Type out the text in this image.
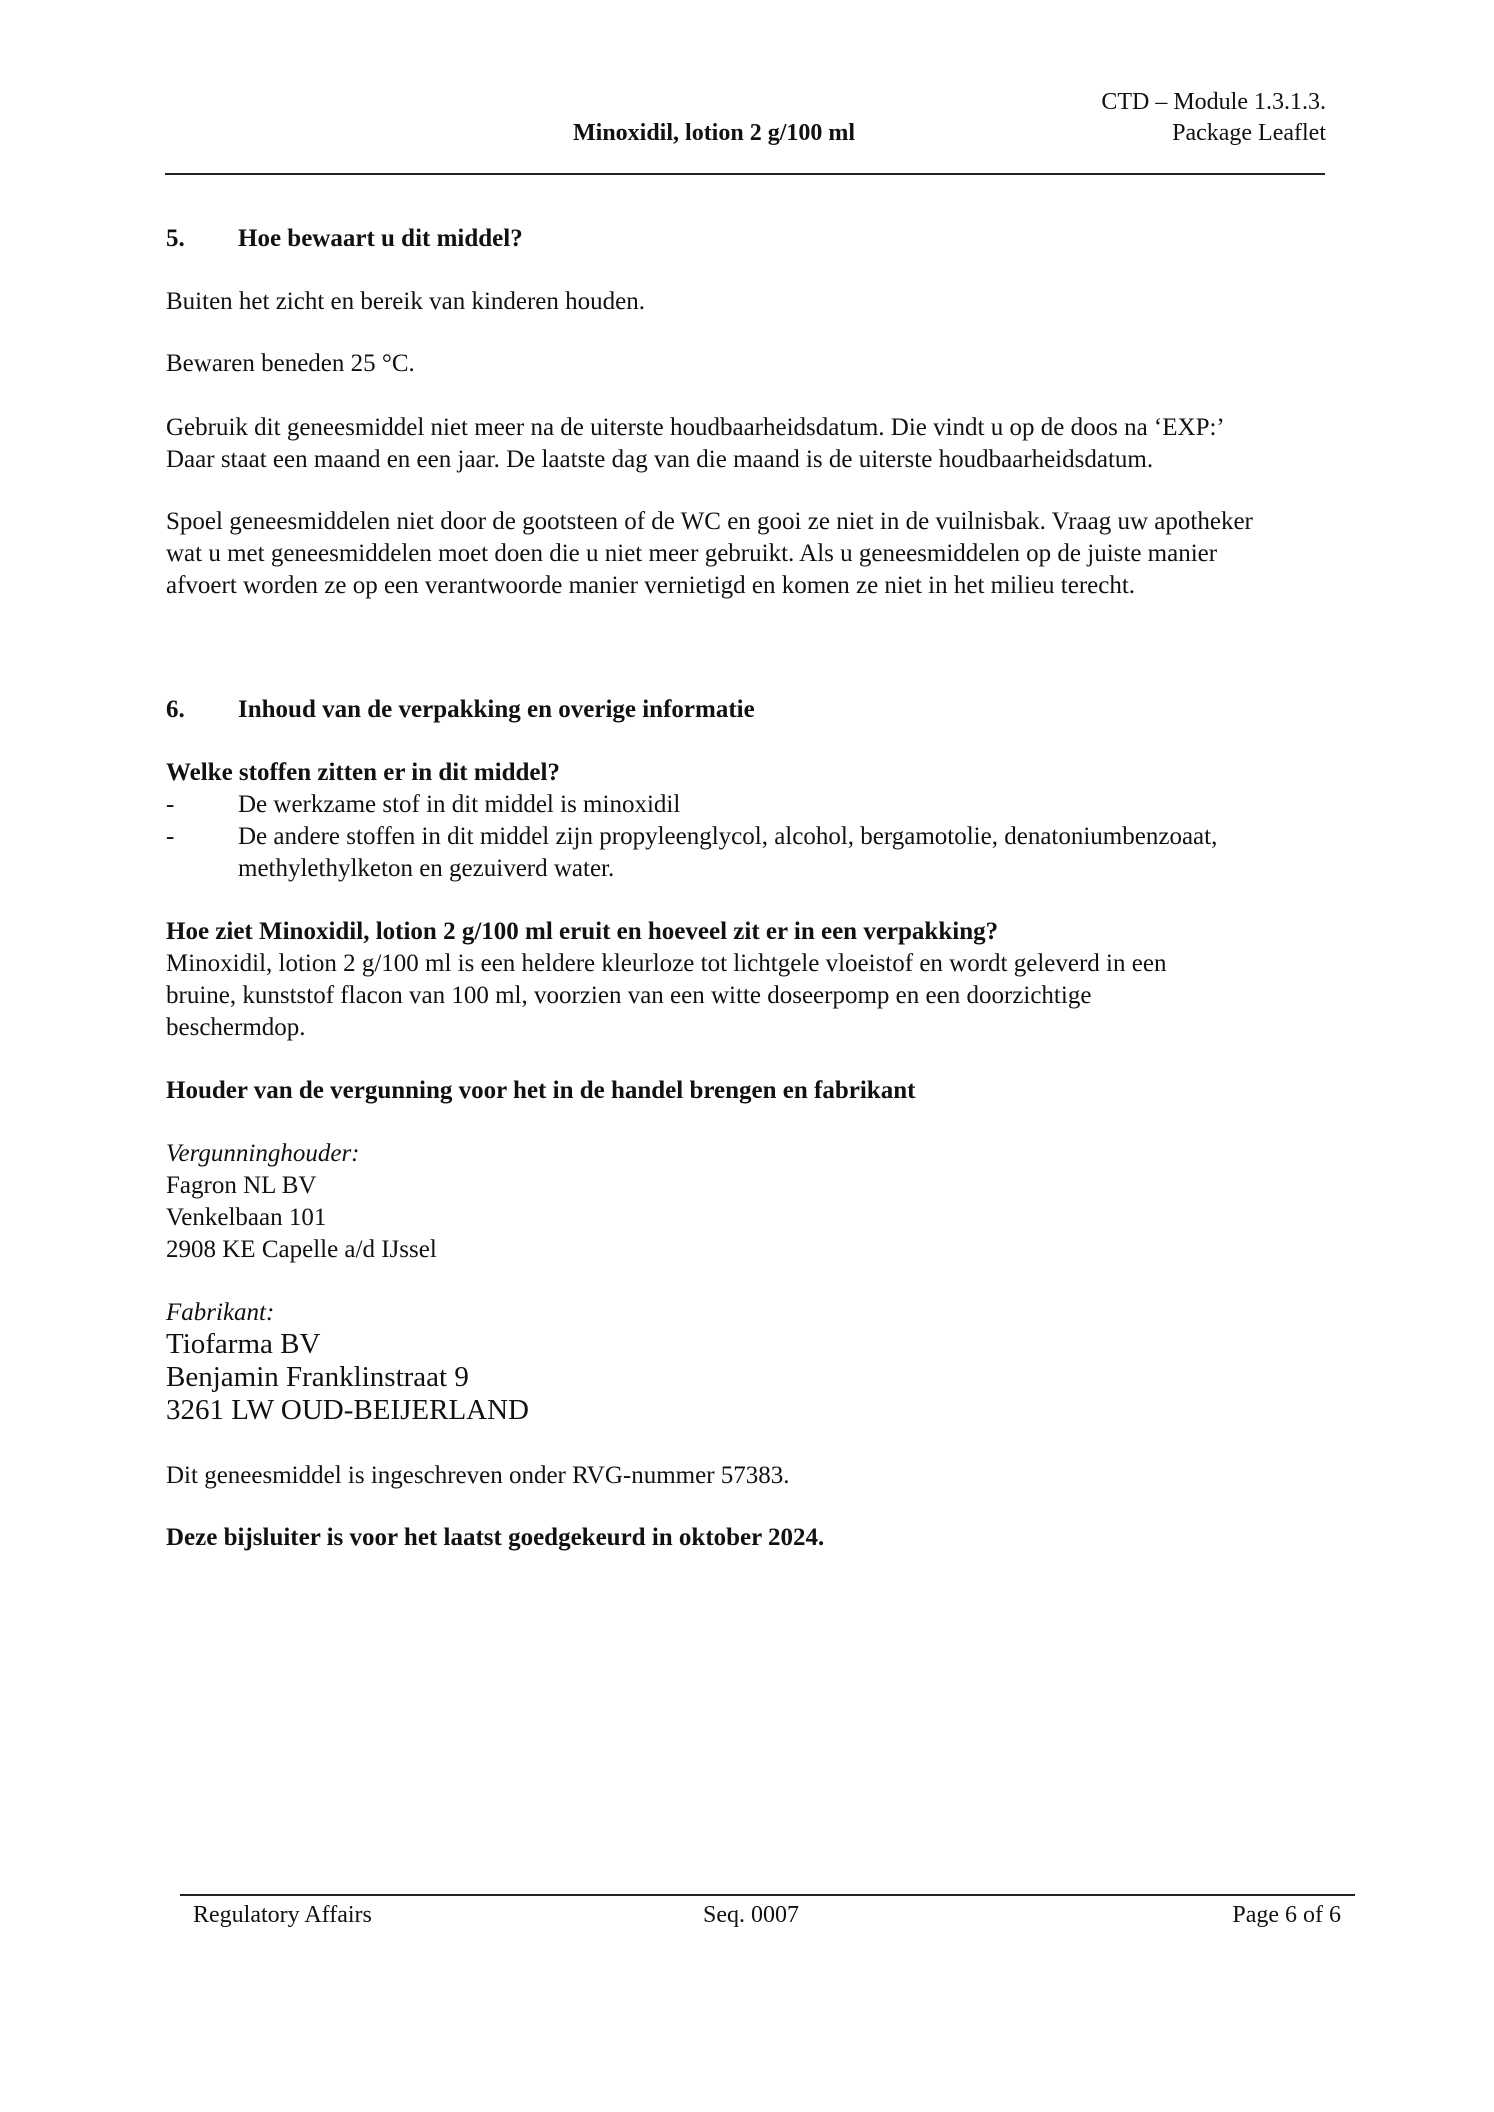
CTD – Module 1.3.1.3.
Minoxidil, lotion 2 g/100 ml	Package Leaflet
5. Hoe bewaart u dit middel?
Buiten het zicht en bereik van kinderen houden.
Bewaren beneden 25 °C.
Gebruik dit geneesmiddel niet meer na de uiterste houdbaarheidsdatum. Die vindt u op de doos na ‘EXP:’
Daar staat een maand en een jaar. De laatste dag van die maand is de uiterste houdbaarheidsdatum.
Spoel geneesmiddelen niet door de gootsteen of de WC en gooi ze niet in de vuilnisbak. Vraag uw apotheker
wat u met geneesmiddelen moet doen die u niet meer gebruikt. Als u geneesmiddelen op de juiste manier
afvoert worden ze op een verantwoorde manier vernietigd en komen ze niet in het milieu terecht.
6. Inhoud van de verpakking en overige informatie
Welke stoffen zitten er in dit middel?
-	De werkzame stof in dit middel is minoxidil
-	De andere stoffen in dit middel zijn propyleenglycol, alcohol, bergamotolie, denatoniumbenzoaat,
methylethylketon en gezuiverd water.
Hoe ziet Minoxidil, lotion 2 g/100 ml eruit en hoeveel zit er in een verpakking?
Minoxidil, lotion 2 g/100 ml is een heldere kleurloze tot lichtgele vloeistof en wordt geleverd in een
bruine, kunststof flacon van 100 ml, voorzien van een witte doseerpomp en een doorzichtige
beschermdop.
Houder van de vergunning voor het in de handel brengen en fabrikant
Vergunninghouder:
Fagron NL BV
Venkelbaan 101
2908 KE Capelle a/d IJssel
Fabrikant:
Tiofarma BV
Benjamin Franklinstraat 9
3261 LW OUD-BEIJERLAND
Dit geneesmiddel is ingeschreven onder RVG-nummer 57383.
Deze bijsluiter is voor het laatst goedgekeurd in oktober 2024.
Regulatory Affairs	Seq. 0007	Page 6 of 6
